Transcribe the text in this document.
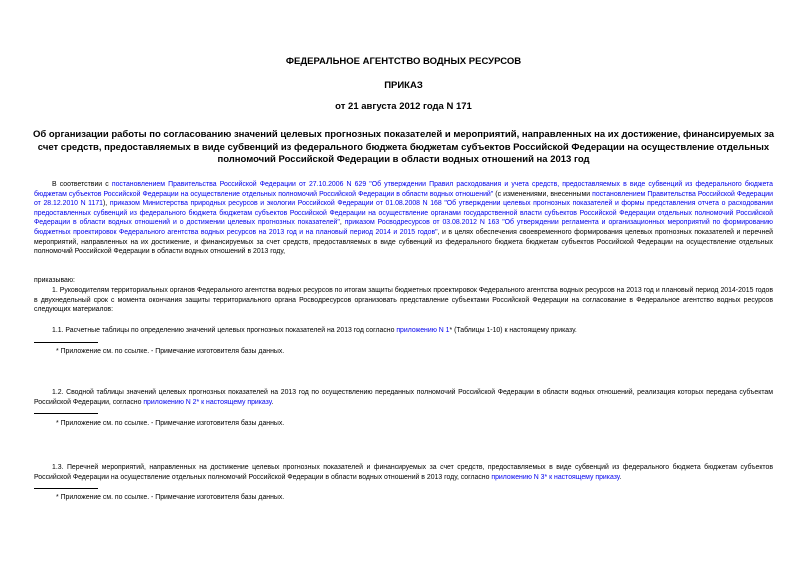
ФЕДЕРАЛЬНОЕ АГЕНТСТВО ВОДНЫХ РЕСУРСОВ
ПРИКАЗ
от 21 августа 2012 года N 171
Об организации работы по согласованию значений целевых прогнозных показателей и мероприятий, направленных на их достижение, финансируемых за счет средств, предоставляемых в виде субвенций из федерального бюджета бюджетам субъектов Российской Федерации на осуществление отдельных полномочий Российской Федерации в области водных отношений на 2013 год
В соответствии с постановлением Правительства Российской Федерации от 27.10.2006 N 629 "Об утверждении Правил расходования и учета средств, предоставляемых в виде субвенций из федерального бюджета бюджетам субъектов Российской Федерации на осуществление отдельных полномочий Российской Федерации в области водных отношений" (с изменениями, внесенными постановлением Правительства Российской Федерации от 28.12.2010 N 1171), приказом Министерства природных ресурсов и экологии Российской Федерации от 01.08.2008 N 168 "Об утверждении целевых прогнозных показателей и формы представления отчета о расходовании предоставленных субвенций из федерального бюджета бюджетам субъектов Российской Федерации на осуществление органами государственной власти субъектов Российской Федерации отдельных полномочий Российской Федерации в области водных отношений и о достижении целевых прогнозных показателей", приказом Росводресурсов от 03.08.2012 N 163 "Об утверждении регламента и организационных мероприятий по формированию бюджетных проектировок Федерального агентства водных ресурсов на 2013 год и на плановый период 2014 и 2015 годов", и в целях обеспечения своевременного формирования целевых прогнозных показателей и перечней мероприятий, направленных на их достижение, и финансируемых за счет средств, предоставляемых в виде субвенций из федерального бюджета бюджетам субъектов Российской Федерации на осуществление отдельных полномочий Российской Федерации в области водных отношений в 2013 году,
приказываю:
1. Руководителям территориальных органов Федерального агентства водных ресурсов по итогам защиты бюджетных проектировок Федерального агентства водных ресурсов на 2013 год и плановый период 2014-2015 годов в двухнедельный срок с момента окончания защиты территориального органа Росводресурсов организовать представление субъектами Российской Федерации на согласование в Федеральное агентство водных ресурсов следующих материалов:
1.1. Расчетные таблицы по определению значений целевых прогнозных показателей на 2013 год согласно приложению N 1* (Таблицы 1-10) к настоящему приказу.
* Приложение см. по ссылке. - Примечание изготовителя базы данных.
1.2. Сводной таблицы значений целевых прогнозных показателей на 2013 год по осуществлению переданных полномочий Российской Федерации в области водных отношений, реализация которых передана субъектам Российской Федерации, согласно приложению N 2* к настоящему приказу.
* Приложение см. по ссылке. - Примечание изготовителя базы данных.
1.3. Перечней мероприятий, направленных на достижение целевых прогнозных показателей и финансируемых за счет средств, предоставляемых в виде субвенций из федерального бюджета бюджетам субъектов Российской Федерации на осуществление отдельных полномочий Российской Федерации в области водных отношений в 2013 году, согласно приложению N 3* к настоящему приказу.
* Приложение см. по ссылке. - Примечание изготовителя базы данных.
